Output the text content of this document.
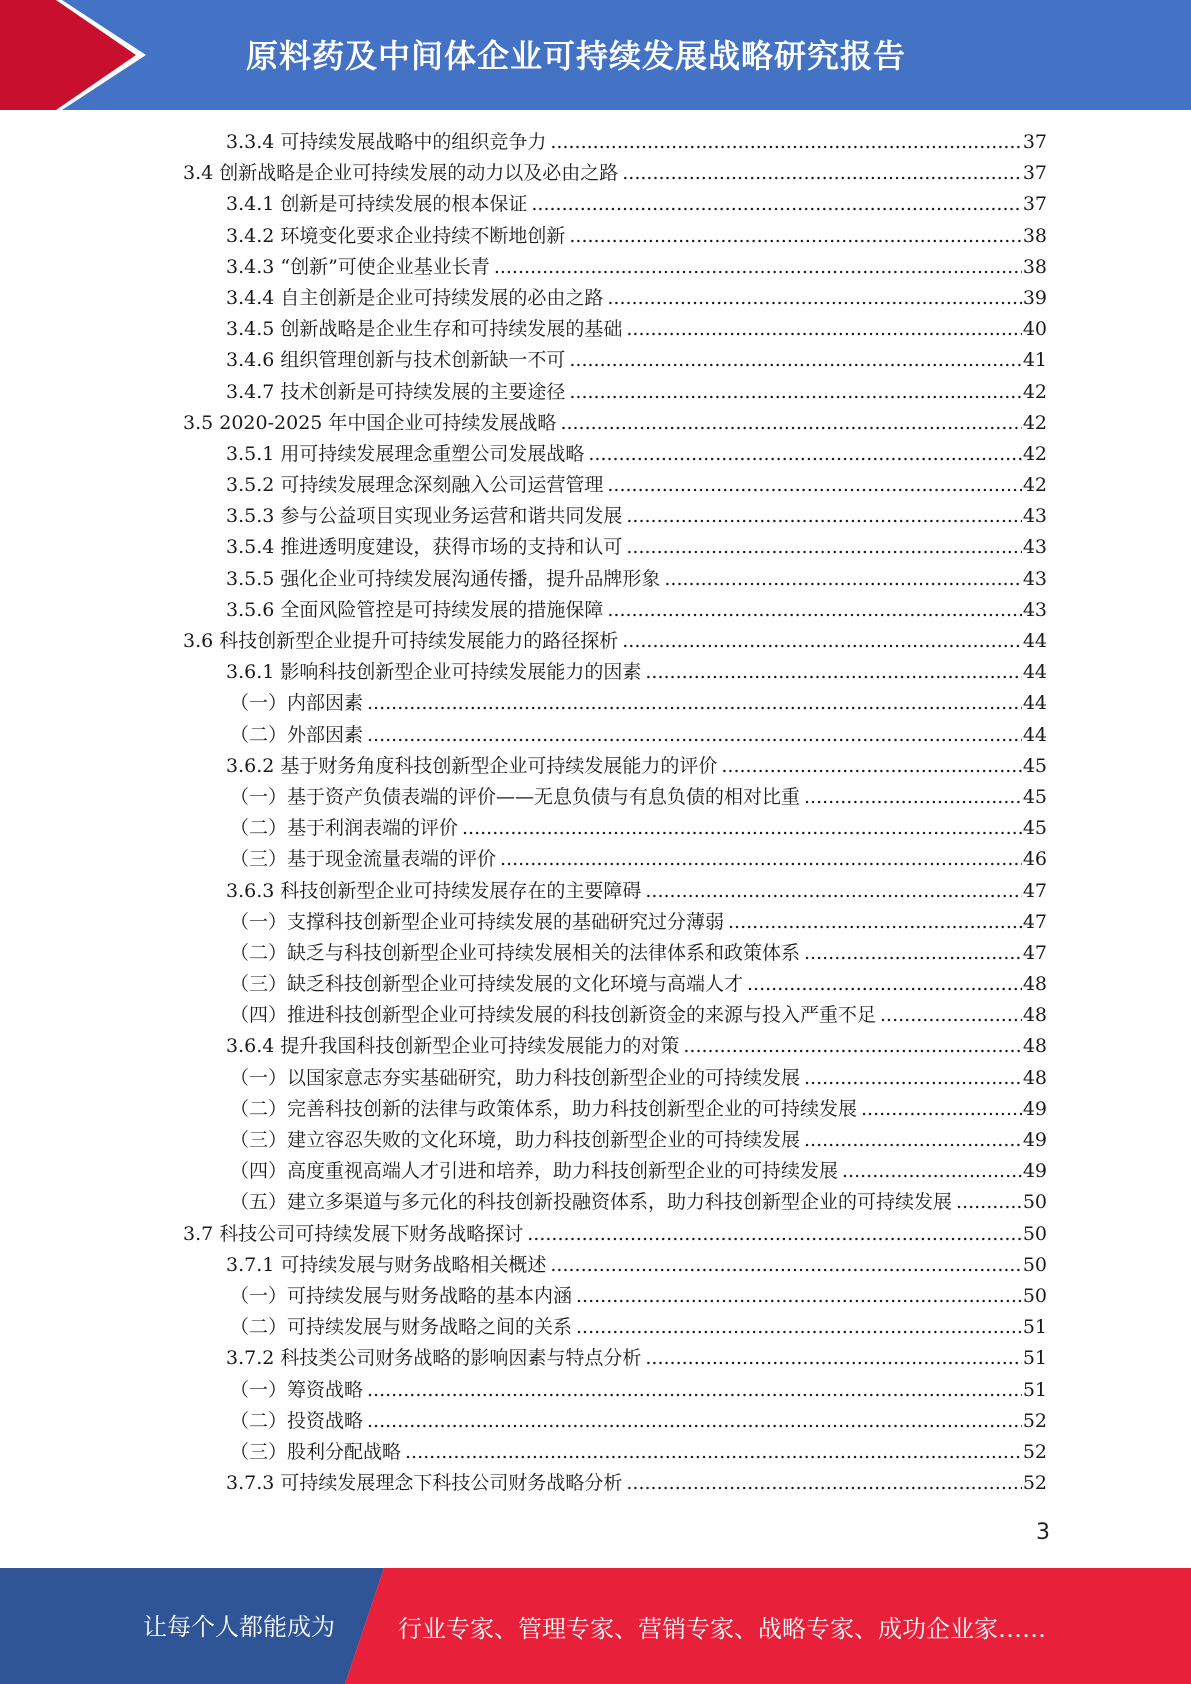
原料药及中间体企业可持续发展战略研究报告
3.3.4 可持续发展战略中的组织竞争力 .....	37
3.4 创新战略是企业可持续发展的动力以及必由之路 .....	37
3.4.1 创新是可持续发展的根本保证 .....	37
3.4.2 环境变化要求企业持续不断地创新 .....	38
3.4.3 “创新”可使企业基业长青 .....	38
3.4.4 自主创新是企业可持续发展的必由之路 .....	39
3.4.5 创新战略是企业生存和可持续发展的基础 .....	40
3.4.6 组织管理创新与技术创新缺一不可 .....	41
3.4.7 技术创新是可持续发展的主要途径 .....	42
3.5 2020-2025 年中国企业可持续发展战略 .....	42
3.5.1 用可持续发展理念重塑公司发展战略 .....	42
3.5.2 可持续发展理念深刻融入公司运营管理 .....	42
3.5.3 参与公益项目实现业务运营和谐共同发展 .....	43
3.5.4 推进透明度建设，获得市场的支持和认可 .....	43
3.5.5 强化企业可持续发展沟通传播，提升品牌形象 .....	43
3.5.6 全面风险管控是可持续发展的措施保障 .....	43
3.6 科技创新型企业提升可持续发展能力的路径探析 .....	44
3.6.1 影响科技创新型企业可持续发展能力的因素 .....	44
（一）内部因素 .....	44
（二）外部因素 .....	44
3.6.2 基于财务角度科技创新型企业可持续发展能力的评价 .....	45
（一）基于资产负债表端的评价——无息负债与有息负债的相对比重 .....	45
（二）基于利润表端的评价 .....	45
（三）基于现金流量表端的评价 .....	46
3.6.3 科技创新型企业可持续发展存在的主要障碍 .....	47
（一）支撑科技创新型企业可持续发展的基础研究过分薄弱 .....	47
（二）缺乏与科技创新型企业可持续发展相关的法律体系和政策体系 .....	47
（三）缺乏科技创新型企业可持续发展的文化环境与高端人才 .....	48
（四）推进科技创新型企业可持续发展的科技创新资金的来源与投入严重不足 .....	48
3.6.4 提升我国科技创新型企业可持续发展能力的对策 .....	48
（一）以国家意志夯实基础研究，助力科技创新型企业的可持续发展 .....	48
（二）完善科技创新的法律与政策体系，助力科技创新型企业的可持续发展 .....	49
（三）建立容忍失败的文化环境，助力科技创新型企业的可持续发展 .....	49
（四）高度重视高端人才引进和培养，助力科技创新型企业的可持续发展 .....	49
（五）建立多渠道与多元化的科技创新投融资体系，助力科技创新型企业的可持续发展 .....	50
3.7 科技公司可持续发展下财务战略探讨 .....	50
3.7.1 可持续发展与财务战略相关概述 .....	50
（一）可持续发展与财务战略的基本内涵 .....	50
（二）可持续发展与财务战略之间的关系 .....	51
3.7.2 科技类公司财务战略的影响因素与特点分析 .....	51
（一）筹资战略 .....	51
（二）投资战略 .....	52
（三）股利分配战略 .....	52
3.7.3 可持续发展理念下科技公司财务战略分析 .....	52
3
让每个人都能成为	行业专家、管理专家、营销专家、战略专家、成功企业家……
